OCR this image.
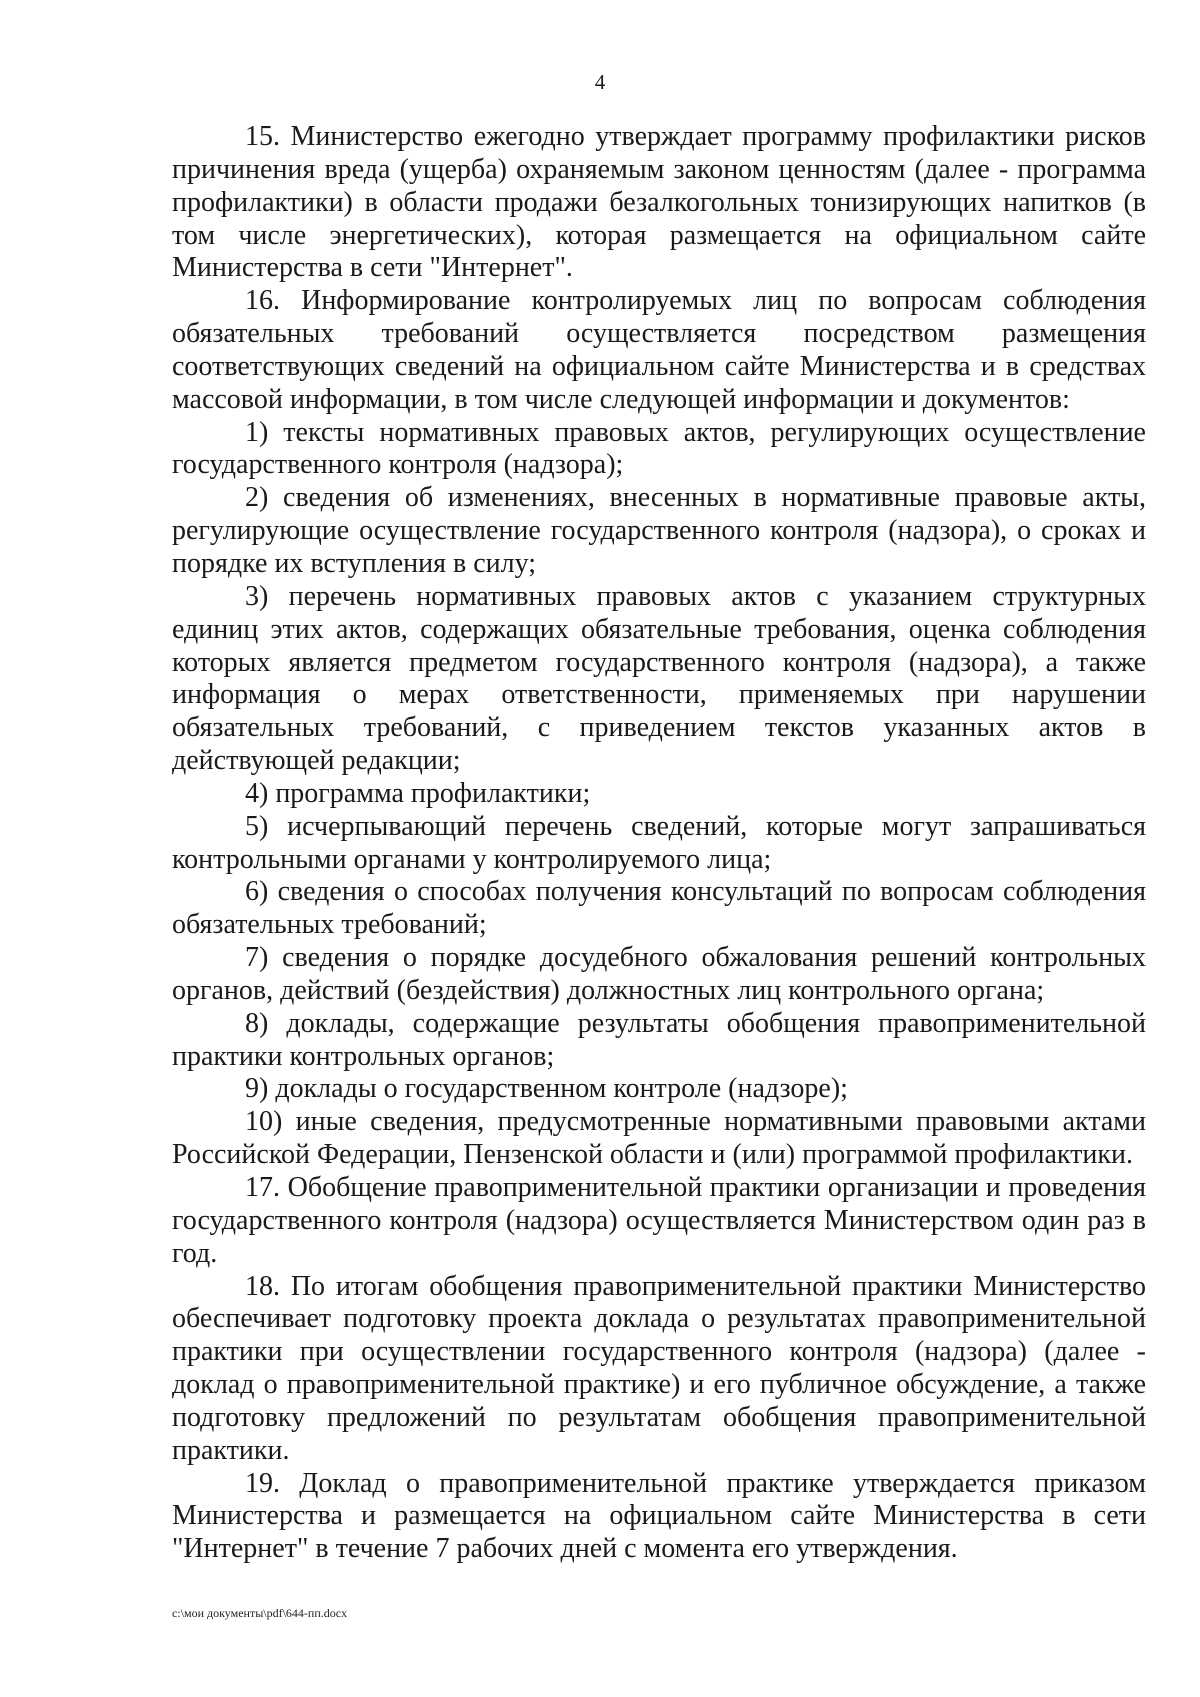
4

15. Министерство ежегодно утверждает программу профилактики рисков причинения вреда (ущерба) охраняемым законом ценностям (далее - программа профилактики) в области продажи безалкогольных тонизирующих напитков (в том числе энергетических), которая размещается на официальном сайте Министерства в сети "Интернет".

16. Информирование контролируемых лиц по вопросам соблюдения обязательных требований осуществляется посредством размещения соответствующих сведений на официальном сайте Министерства и в средствах массовой информации, в том числе следующей информации и документов:

1) тексты нормативных правовых актов, регулирующих осуществление государственного контроля (надзора);

2) сведения об изменениях, внесенных в нормативные правовые акты, регулирующие осуществление государственного контроля (надзора), о сроках и порядке их вступления в силу;

3) перечень нормативных правовых актов с указанием структурных единиц этих актов, содержащих обязательные требования, оценка соблюдения которых является предметом государственного контроля (надзора), а также информация о мерах ответственности, применяемых при нарушении обязательных требований, с приведением текстов указанных актов в действующей редакции;

4) программа профилактики;

5) исчерпывающий перечень сведений, которые могут запрашиваться контрольными органами у контролируемого лица;

6) сведения о способах получения консультаций по вопросам соблюдения обязательных требований;

7) сведения о порядке досудебного обжалования решений контрольных органов, действий (бездействия) должностных лиц контрольного органа;

8) доклады, содержащие результаты обобщения правоприменительной практики контрольных органов;

9) доклады о государственном контроле (надзоре);

10) иные сведения, предусмотренные нормативными правовыми актами Российской Федерации, Пензенской области и (или) программой профилактики.

17. Обобщение правоприменительной практики организации и проведения государственного контроля (надзора) осуществляется Министерством один раз в год.

18. По итогам обобщения правоприменительной практики Министерство обеспечивает подготовку проекта доклада о результатах правоприменительной практики при осуществлении государственного контроля (надзора) (далее - доклад о правоприменительной практике) и его публичное обсуждение, а также подготовку предложений по результатам обобщения правоприменительной практики.

19. Доклад о правоприменительной практике утверждается приказом Министерства и размещается на официальном сайте Министерства в сети "Интернет" в течение 7 рабочих дней с момента его утверждения.

c:\мои документы\pdf\644-пп.docx
